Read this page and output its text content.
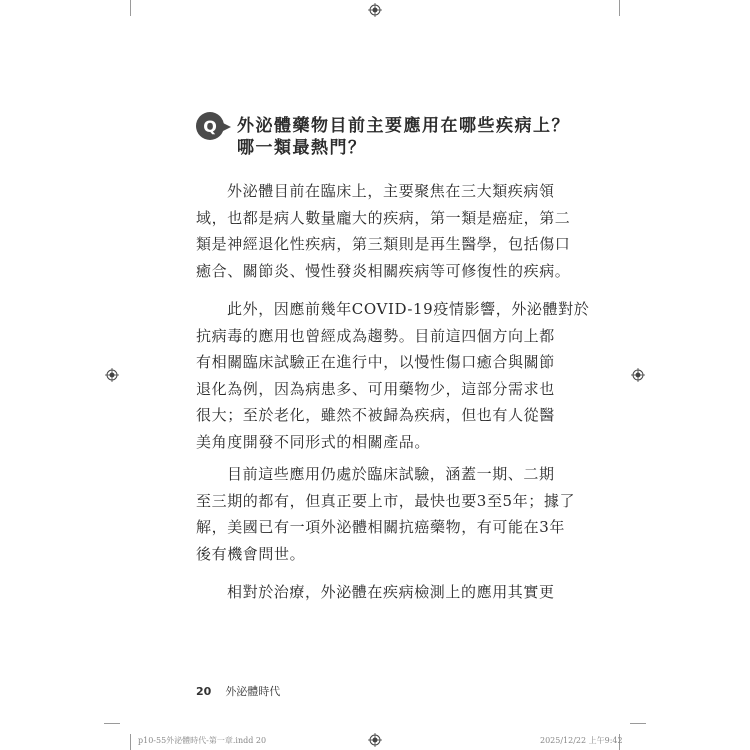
Q	外泌體藥物目前主要應用在哪些疾病上？
哪一類最熱門？
外泌體目前在臨床上，主要聚焦在三大類疾病領
域，也都是病人數量龐大的疾病，第一類是癌症，第二
類是神經退化性疾病，第三類則是再生醫學，包括傷口
癒合、關節炎、慢性發炎相關疾病等可修復性的疾病。
此外，因應前幾年COVID-19疫情影響，外泌體對於
抗病毒的應用也曾經成為趨勢。目前這四個方向上都
有相關臨床試驗正在進行中，以慢性傷口癒合與關節
退化為例，因為病患多、可用藥物少，這部分需求也
很大；至於老化，雖然不被歸為疾病，但也有人從醫
美角度開發不同形式的相關產品。
目前這些應用仍處於臨床試驗，涵蓋一期、二期
至三期的都有，但真正要上市，最快也要3至5年；據了
解，美國已有一項外泌體相關抗癌藥物，有可能在3年
後有機會問世。
相對於治療，外泌體在疾病檢測上的應用其實更
20 外泌體時代
p10-55外泌體時代-第一章.indd 20	2025/12/22 上午9:42
